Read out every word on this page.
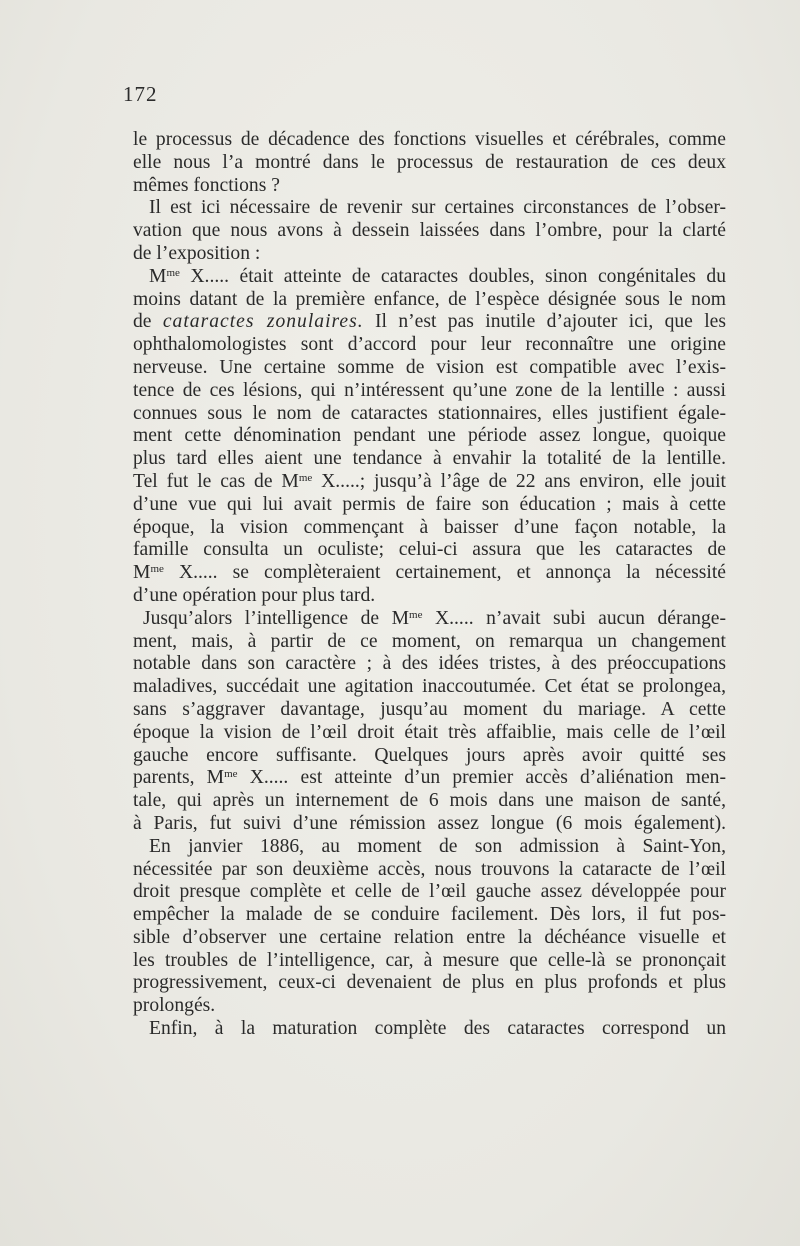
172
le processus de décadence des fonctions visuelles et cérébrales, comme
elle nous l’a montré dans le processus de restauration de ces deux
mêmes fonctions ?
Il est ici nécessaire de revenir sur certaines circonstances de l’obser-
vation que nous avons à dessein laissées dans l’ombre, pour la clarté
de l’exposition :
$M^{me}$ X..... était atteinte de cataractes doubles, sinon congénitales du
moins datant de la première enfance, de l’espèce désignée sous le nom
de cataractes zonulaires. Il n’est pas inutile d’ajouter ici, que les
ophthalomologistes sont d’accord pour leur reconnaître une origine
nerveuse. Une certaine somme de vision est compatible avec l’exis-
tence de ces lésions, qui n’intéressent qu’une zone de la lentille : aussi
connues sous le nom de cataractes stationnaires, elles justifient égale-
ment cette dénomination pendant une période assez longue, quoique
plus tard elles aient une tendance à envahir la totalité de la lentille.
Tel fut le cas de $M^{me}$ X.....; jusqu’à l’âge de 22 ans environ, elle jouit
d’une vue qui lui avait permis de faire son éducation ; mais à cette
époque, la vision commençant à baisser d’une façon notable, la
famille consulta un oculiste; celui-ci assura que les cataractes de
$M^{me}$ X..... se complèteraient certainement, et annonça la nécessité
d’une opération pour plus tard.
Jusqu’alors l’intelligence de $M^{me}$ X..... n’avait subi aucun dérange-
ment, mais, à partir de ce moment, on remarqua un changement
notable dans son caractère ; à des idées tristes, à des préoccupations
maladives, succédait une agitation inaccoutumée. Cet état se prolongea,
sans s’aggraver davantage, jusqu’au moment du mariage. A cette
époque la vision de l’œil droit était très affaiblie, mais celle de l’œil
gauche encore suffisante. Quelques jours après avoir quitté ses
parents, $M^{me}$ X..... est atteinte d’un premier accès d’aliénation men-
tale, qui après un internement de 6 mois dans une maison de santé,
à Paris, fut suivi d’une rémission assez longue (6 mois également).
En janvier 1886, au moment de son admission à Saint-Yon,
nécessitée par son deuxième accès, nous trouvons la cataracte de l’œil
droit presque complète et celle de l’œil gauche assez développée pour
empêcher la malade de se conduire facilement. Dès lors, il fut pos-
sible d’observer une certaine relation entre la déchéance visuelle et
les troubles de l’intelligence, car, à mesure que celle-là se prononçait
progressivement, ceux-ci devenaient de plus en plus profonds et plus
prolongés.
Enfin, à la maturation complète des cataractes correspond un
